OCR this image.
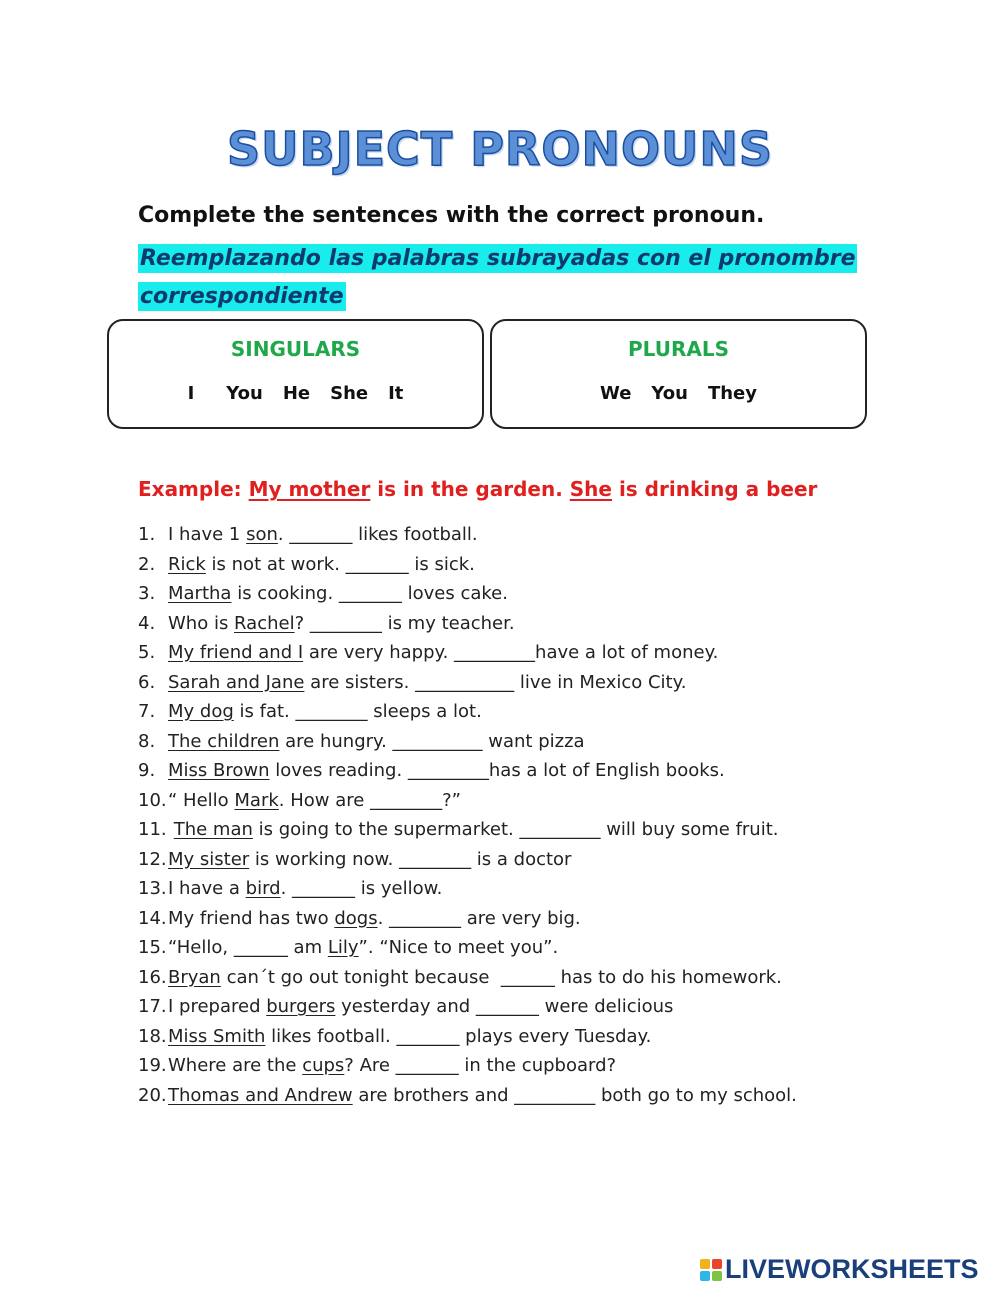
SUBJECT PRONOUNS
Complete the sentences with the correct pronoun.
Reemplazando las palabras subrayadas con el pronombre correspondiente
SINGULARS
I You He She It
PLURALS
We You They
Example: My mother is in the garden. She is drinking a beer
1. I have 1 son. _______ likes football.
2. Rick is not at work. _______ is sick.
3. Martha is cooking. _______ loves cake.
4. Who is Rachel? ________ is my teacher.
5. My friend and I are very happy. _________have a lot of money.
6. Sarah and Jane are sisters. ___________ live in Mexico City.
7. My dog is fat. ________ sleeps a lot.
8. The children are hungry. __________ want pizza
9. Miss Brown loves reading. _________has a lot of English books.
10.“ Hello Mark. How are ________?”
11. The man is going to the supermarket. _________ will buy some fruit.
12.My sister is working now. ________ is a doctor
13.I have a bird. _______ is yellow.
14.My friend has two dogs. ________ are very big.
15.“Hello, ______ am Lily”. “Nice to meet you”.
16.Bryan can´t go out tonight because  ______ has to do his homework.
17.I prepared burgers yesterday and _______ were delicious
18.Miss Smith likes football. _______ plays every Tuesday.
19.Where are the cups? Are _______ in the cupboard?
20.Thomas and Andrew are brothers and _________ both go to my school.
LIVEWORKSHEETS
